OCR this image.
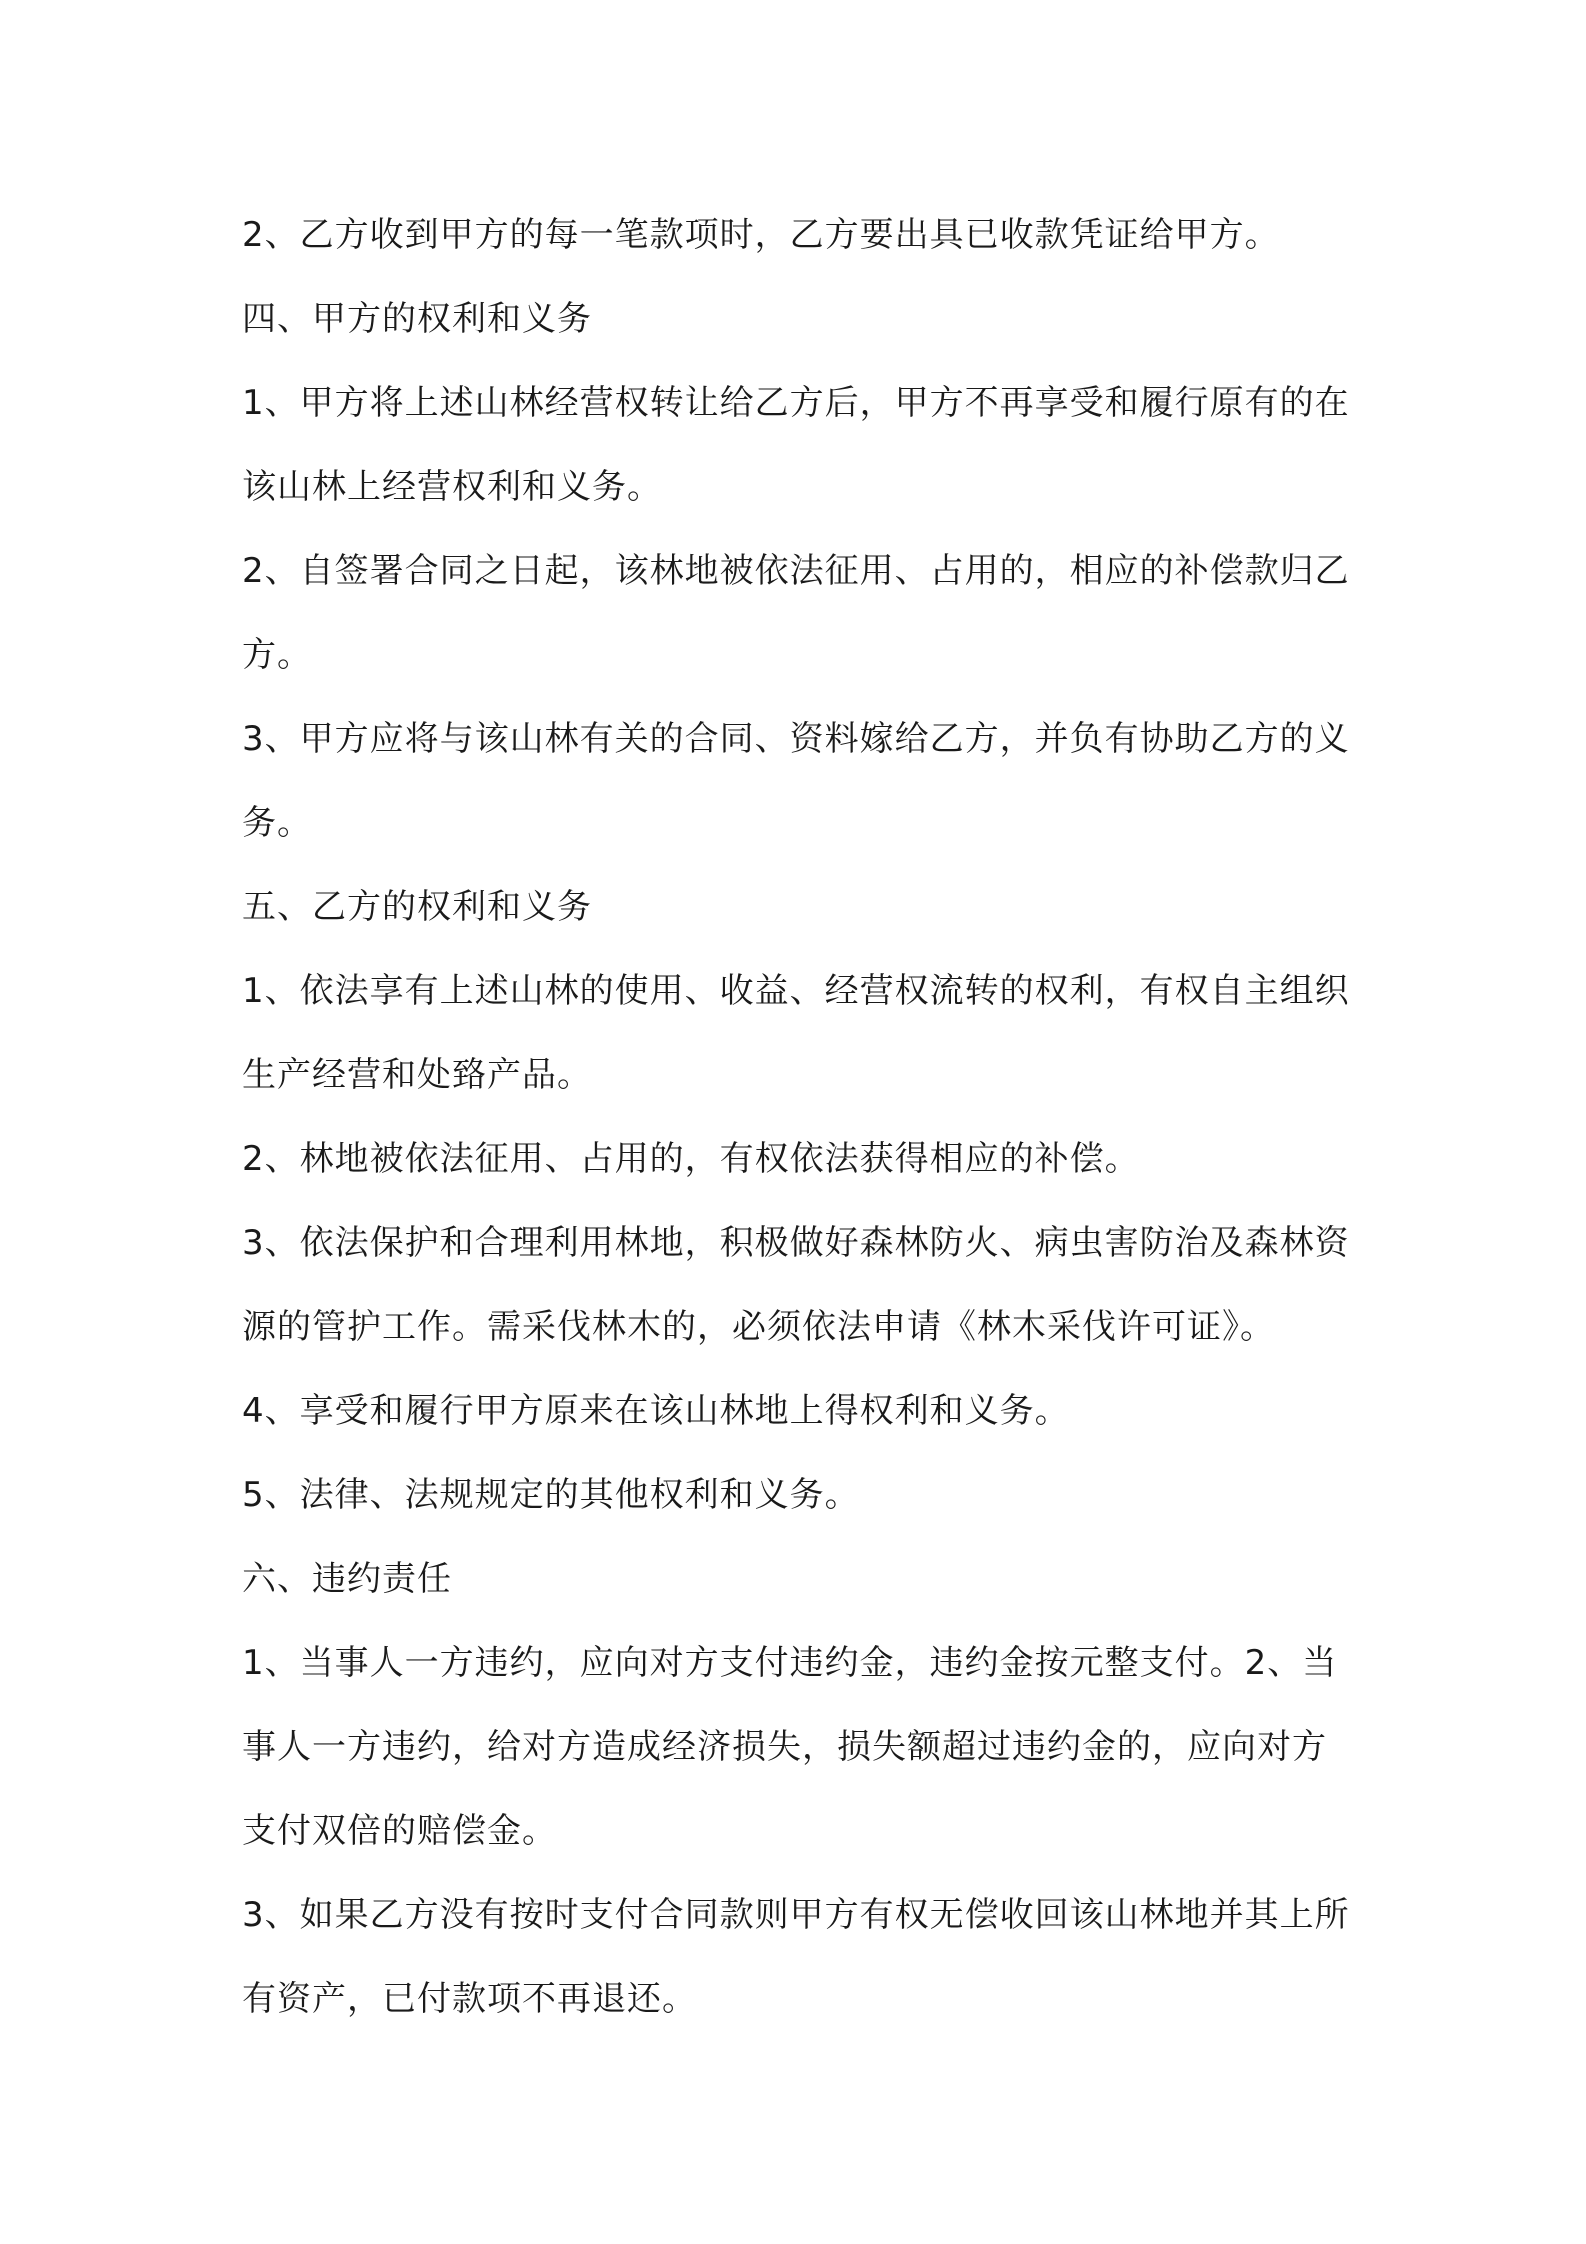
2、乙方收到甲方的每一笔款项时，乙方要出具已收款凭证给甲方。

四、甲方的权利和义务

1、甲方将上述山林经营权转让给乙方后，甲方不再享受和履行原有的在该山林上经营权利和义务。

2、自签署合同之日起，该林地被依法征用、占用的，相应的补偿款归乙方。

3、甲方应将与该山林有关的合同、资料嫁给乙方，并负有协助乙方的义务。

五、乙方的权利和义务

1、依法享有上述山林的使用、收益、经营权流转的权利，有权自主组织生产经营和处臵产品。

2、林地被依法征用、占用的，有权依法获得相应的补偿。

3、依法保护和合理利用林地，积极做好森林防火、病虫害防治及森林资源的管护工作。需采伐林木的，必须依法申请《林木采伐许可证》。

4、享受和履行甲方原来在该山林地上得权利和义务。

5、法律、法规规定的其他权利和义务。

六、违约责任

1、当事人一方违约，应向对方支付违约金，违约金按元整支付。2、当事人一方违约，给对方造成经济损失，损失额超过违约金的，应向对方支付双倍的赔偿金。

3、如果乙方没有按时支付合同款则甲方有权无偿收回该山林地并其上所有资产，已付款项不再退还。
